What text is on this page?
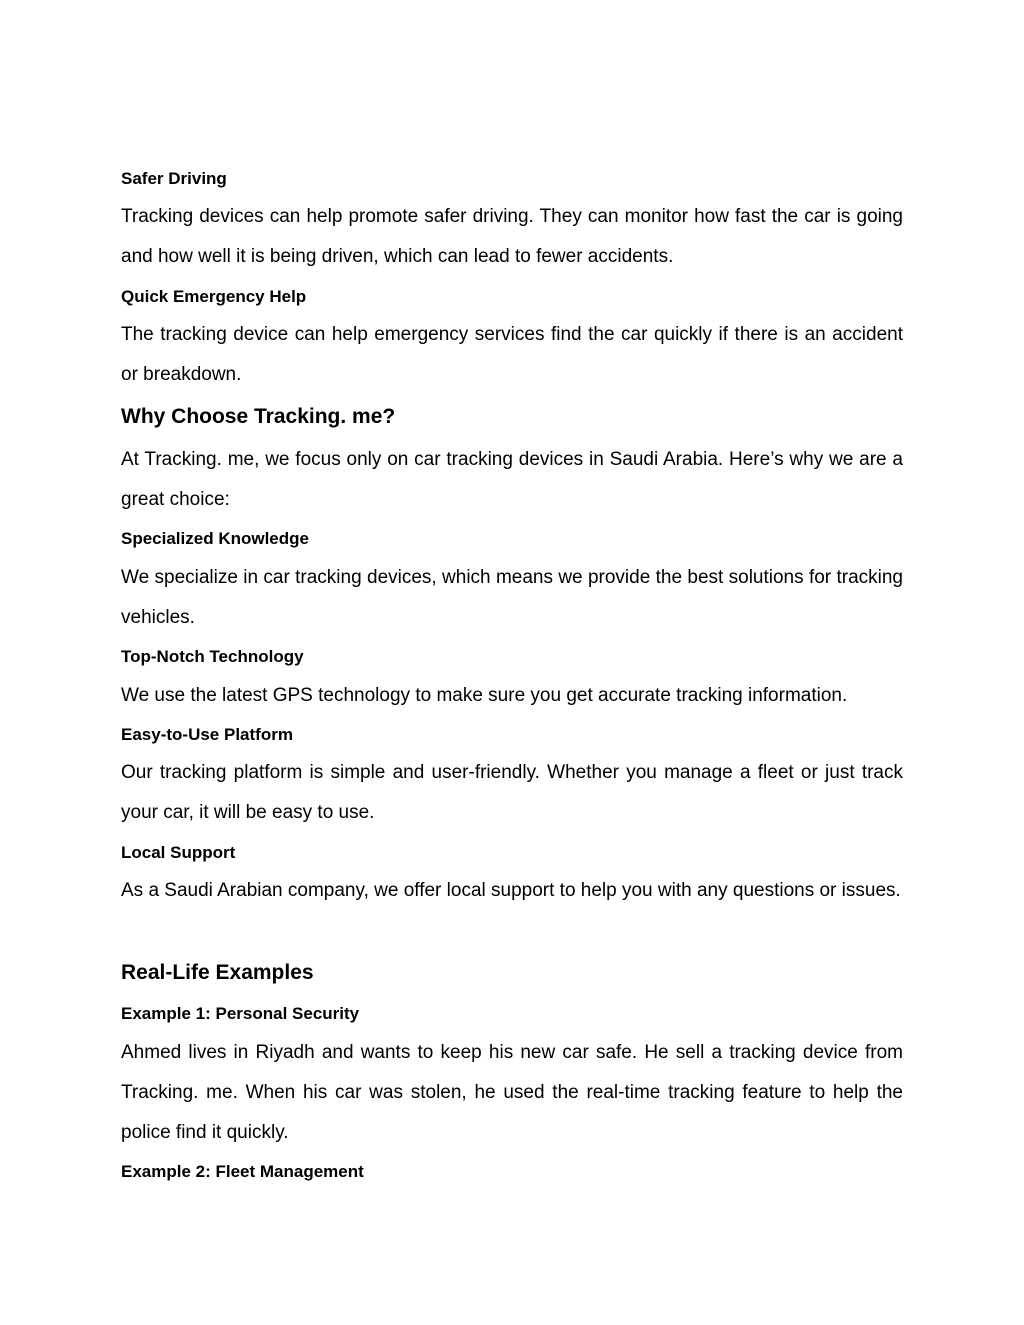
Safer Driving

Tracking devices can help promote safer driving. They can monitor how fast the car is going and how well it is being driven, which can lead to fewer accidents.

Quick Emergency Help

The tracking device can help emergency services find the car quickly if there is an accident or breakdown.

Why Choose Tracking. me?

At Tracking. me, we focus only on car tracking devices in Saudi Arabia. Here’s why we are a great choice:

Specialized Knowledge

We specialize in car tracking devices, which means we provide the best solutions for tracking vehicles.

Top-Notch Technology

We use the latest GPS technology to make sure you get accurate tracking information.

Easy-to-Use Platform

Our tracking platform is simple and user-friendly. Whether you manage a fleet or just track your car, it will be easy to use.

Local Support

As a Saudi Arabian company, we offer local support to help you with any questions or issues.

Real-Life Examples
Example 1: Personal Security

Ahmed lives in Riyadh and wants to keep his new car safe. He sell a tracking device from Tracking. me. When his car was stolen, he used the real-time tracking feature to help the police find it quickly.

Example 2: Fleet Management
